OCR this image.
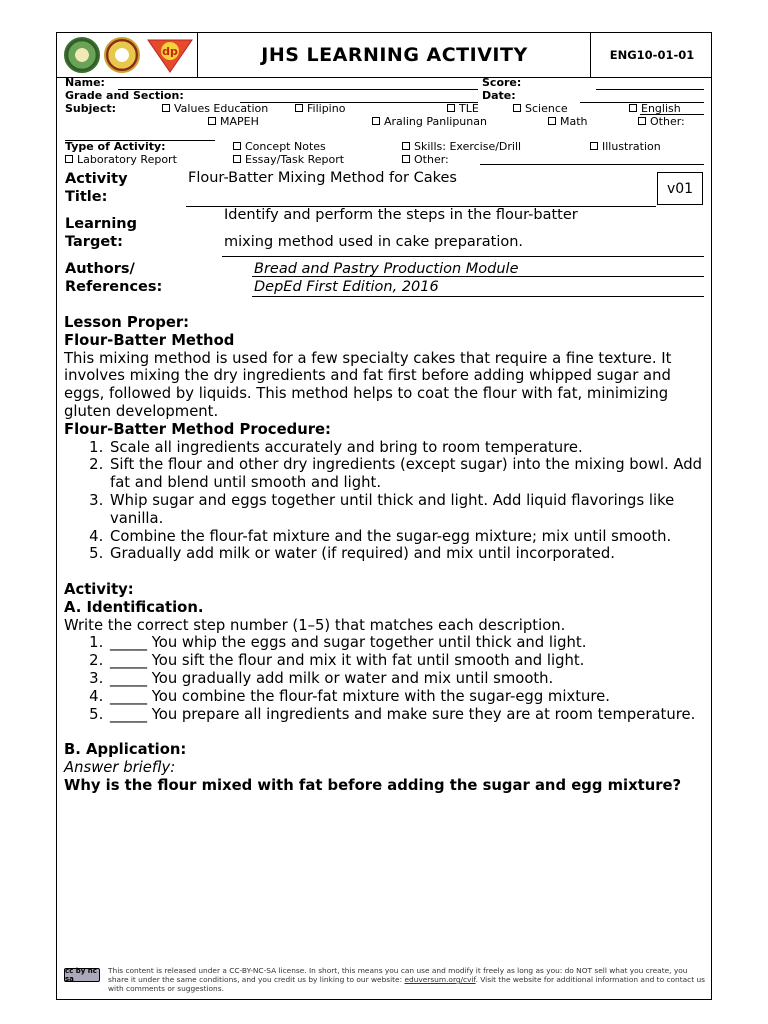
dp	JHS LEARNING ACTIVITY	ENG10-01-01
Name:	Score:
Grade and Section:	Date:
Subject:	Values Education	Filipino	TLE	Science	English
MAPEH	Araling Panlipunan	Math	Other:
Type of Activity:	Concept Notes	Skills: Exercise/Drill	Illustration
Laboratory Report	Essay/Task Report	Other:
Activity
Title:
Flour-Batter Mixing Method for Cakes
v01
Learning
Target:
Identify and perform the steps in the flour-batter
mixing method used in cake preparation.
Authors/
References:
Bread and Pastry Production Module
DepEd First Edition, 2016

Lesson Proper:

Flour-Batter Method

This mixing method is used for a few specialty cakes that require a fine texture. It involves mixing the dry ingredients and fat first before adding whipped sugar and eggs, followed by liquids. This method helps to coat the flour with fat, minimizing gluten development.

Flour-Batter Method Procedure:

1. Scale all ingredients accurately and bring to room temperature.
2. Sift the flour and other dry ingredients (except sugar) into the mixing bowl. Add fat and blend until smooth and light.
3. Whip sugar and eggs together until thick and light. Add liquid flavorings like vanilla.
4. Combine the flour-fat mixture and the sugar-egg mixture; mix until smooth.
5. Gradually add milk or water (if required) and mix until incorporated.

Activity:

A. Identification.

Write the correct step number (1–5) that matches each description.

1. _____ You whip the eggs and sugar together until thick and light.
2. _____ You sift the flour and mix it with fat until smooth and light.
3. _____ You gradually add milk or water and mix until smooth.
4. _____ You combine the flour-fat mixture with the sugar-egg mixture.
5. _____ You prepare all ingredients and make sure they are at room temperature.

B. Application:

Answer briefly:

Why is the flour mixed with fat before adding the sugar and egg mixture?

cc by nc sa
This content is released under a CC-BY-NC-SA license. In short, this means you can use and modify it freely as long as you: do NOT sell what you create, you share it under the same conditions, and you credit us by linking to our website: eduversum.org/cvif. Visit the website for additional information and to contact us with comments or suggestions.
